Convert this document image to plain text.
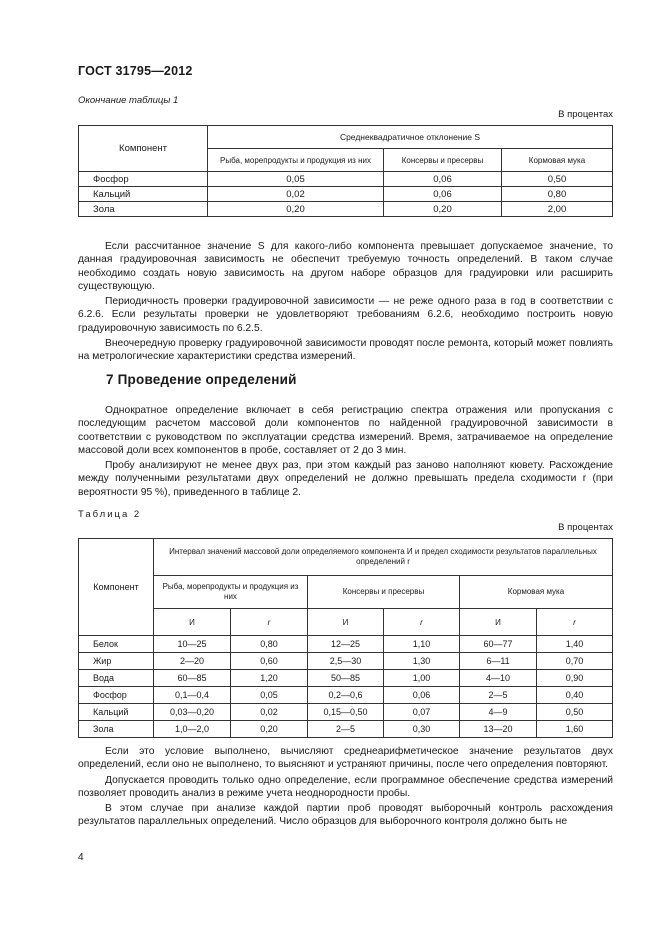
ГОСТ 31795—2012
Окончание таблицы 1
В процентах
Компонент	Среднеквадратичное отклонение S		
	Рыба, морепродукты и продукция из них	Консервы и пресервы	Кормовая мука
Фосфор	0,05	0,06	0,50
Кальций	0,02	0,06	0,80
Зола	0,20	0,20	2,00

Если рассчитанное значение S для какого-либо компонента превышает допускаемое значение, то данная градуировочная зависимость не обеспечит требуемую точность определений. В таком случае необходимо создать новую зависимость на другом наборе образцов для градуировки или расширить существующую.

Периодичность проверки градуировочной зависимости — не реже одного раза в год в соответствии с 6.2.6. Если результаты проверки не удовлетворяют требованиям 6.2.6, необходимо построить новую градуировочную зависимость по 6.2.5.

Внеочередную проверку градуировочной зависимости проводят после ремонта, который может повлиять на метрологические характеристики средства измерений.

7 Проведение определений

Однократное определение включает в себя регистрацию спектра отражения или пропускания с последующим расчетом массовой доли компонентов по найденной градуировочной зависимости в соответствии с руководством по эксплуатации средства измерений. Время, затрачиваемое на определение массовой доли всех компонентов в пробе, составляет от 2 до 3 мин.

Пробу анализируют не менее двух раз, при этом каждый раз заново наполняют кювету. Расхождение между полученными результатами двух определений не должно превышать предела сходимости r (при вероятности 95 %), приведенного в таблице 2.

Таблица 2
В процентах
Компонент	Интервал значений массовой доли определяемого компонента И и предел сходимости результатов параллельных определений r					
	Рыба, морепродукты и продукция из них		Консервы и пресервы		Кормовая мука	
	И	r	И	r	И	r
Белок	10—25	0,80	12—25	1,10	60—77	1,40
Жир	2—20	0,60	2,5—30	1,30	6—11	0,70
Вода	60—85	1,20	50—85	1,00	4—10	0,90
Фосфор	0,1—0,4	0,05	0,2—0,6	0,06	2—5	0,40
Кальций	0,03—0,20	0,02	0,15—0,50	0,07	4—9	0,50
Зола	1,0—2,0	0,20	2—5	0,30	13—20	1,60

Если это условие выполнено, вычисляют среднеарифметическое значение результатов двух определений, если оно не выполнено, то выясняют и устраняют причины, после чего определения повторяют.

Допускается проводить только одно определение, если программное обеспечение средства измерений позволяет проводить анализ в режиме учета неоднородности пробы.

В этом случае при анализе каждой партии проб проводят выборочный контроль расхождения результатов параллельных определений. Число образцов для выборочного контроля должно быть не

4
